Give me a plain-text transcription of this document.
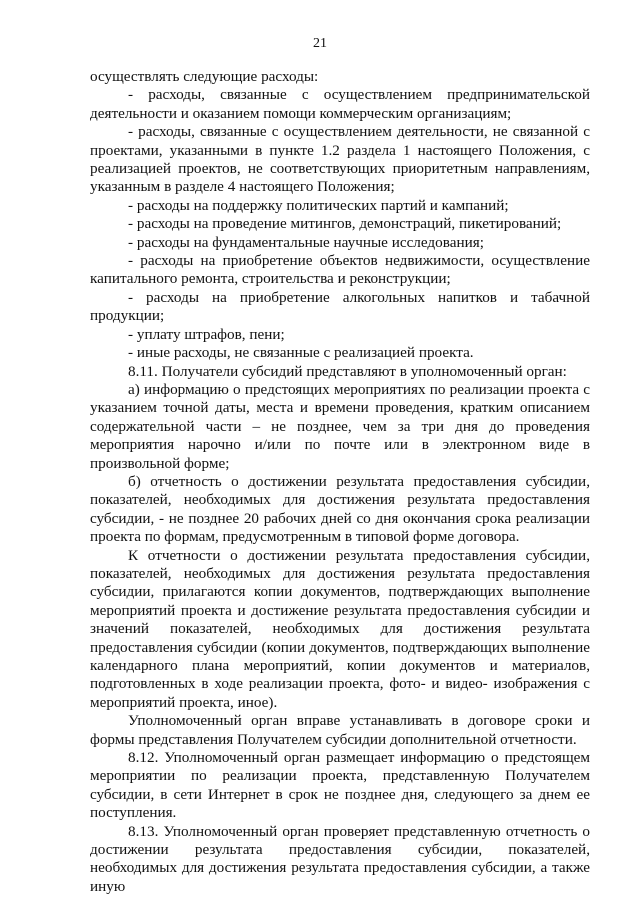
21

осуществлять следующие расходы:

- расходы, связанные с осуществлением предпринимательской деятельности и оказанием помощи коммерческим организациям;

- расходы, связанные с осуществлением деятельности, не связанной с проектами, указанными в пункте 1.2 раздела 1 настоящего Положения, с реализацией проектов, не соответствующих приоритетным направлениям, указанным в разделе 4 настоящего Положения;

- расходы на поддержку политических партий и кампаний;

- расходы на проведение митингов, демонстраций, пикетирований;

- расходы на фундаментальные научные исследования;

- расходы на приобретение объектов недвижимости, осуществление капитального ремонта, строительства и реконструкции;

- расходы на приобретение алкогольных напитков и табачной продукции;

- уплату штрафов, пени;

- иные расходы, не связанные с реализацией проекта.

8.11. Получатели субсидий представляют в уполномоченный орган:

а) информацию о предстоящих мероприятиях по реализации проекта с указанием точной даты, места и времени проведения, кратким описанием содержательной части – не позднее, чем за три дня до проведения мероприятия нарочно и/или по почте или в электронном виде в произвольной форме;

б) отчетность о достижении результата предоставления субсидии, показателей, необходимых для достижения результата предоставления субсидии, - не позднее 20 рабочих дней со дня окончания срока реализации проекта по формам, предусмотренным в типовой форме договора.

К отчетности о достижении результата предоставления субсидии, показателей, необходимых для достижения результата предоставления субсидии, прилагаются копии документов, подтверждающих выполнение мероприятий проекта и достижение результата предоставления субсидии и значений показателей, необходимых для достижения результата предоставления субсидии (копии документов, подтверждающих выполнение календарного плана мероприятий, копии документов и материалов, подготовленных в ходе реализации проекта, фото- и видео- изображения с мероприятий проекта, иное).

Уполномоченный орган вправе устанавливать в договоре сроки и формы представления Получателем субсидии дополнительной отчетности.

8.12. Уполномоченный орган размещает информацию о предстоящем мероприятии по реализации проекта, представленную Получателем субсидии, в сети Интернет в срок не позднее дня, следующего за днем ее поступления.

8.13. Уполномоченный орган проверяет представленную отчетность о достижении результата предоставления субсидии, показателей, необходимых для достижения результата предоставления субсидии, а также иную
